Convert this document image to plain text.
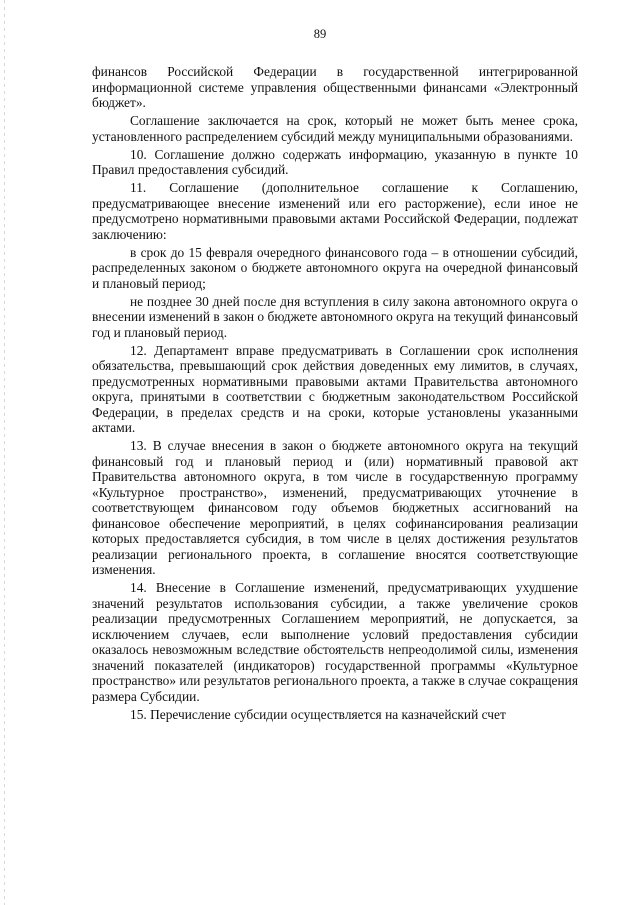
89

финансов Российской Федерации в государственной интегрированной информационной системе управления общественными финансами «Электронный бюджет».

Соглашение заключается на срок, который не может быть менее срока, установленного распределением субсидий между муниципальными образованиями.

10. Соглашение должно содержать информацию, указанную в пункте 10 Правил предоставления субсидий.

11. Соглашение (дополнительное соглашение к Соглашению, предусматривающее внесение изменений или его расторжение), если иное не предусмотрено нормативными правовыми актами Российской Федерации, подлежат заключению:

в срок до 15 февраля очередного финансового года – в отношении субсидий, распределенных законом о бюджете автономного округа на очередной финансовый и плановый период;

не позднее 30 дней после дня вступления в силу закона автономного округа о внесении изменений в закон о бюджете автономного округа на текущий финансовый год и плановый период.

12. Департамент вправе предусматривать в Соглашении срок исполнения обязательства, превышающий срок действия доведенных ему лимитов, в случаях, предусмотренных нормативными правовыми актами Правительства автономного округа, принятыми в соответствии с бюджетным законодательством Российской Федерации, в пределах средств и на сроки, которые установлены указанными актами.

13. В случае внесения в закон о бюджете автономного округа на текущий финансовый год и плановый период и (или) нормативный правовой акт Правительства автономного округа, в том числе в государственную программу «Культурное пространство», изменений, предусматривающих уточнение в соответствующем финансовом году объемов бюджетных ассигнований на финансовое обеспечение мероприятий, в целях софинансирования реализации которых предоставляется субсидия, в том числе в целях достижения результатов реализации регионального проекта, в соглашение вносятся соответствующие изменения.

14. Внесение в Соглашение изменений, предусматривающих ухудшение значений результатов использования субсидии, а также увеличение сроков реализации предусмотренных Соглашением мероприятий, не допускается, за исключением случаев, если выполнение условий предоставления субсидии оказалось невозможным вследствие обстоятельств непреодолимой силы, изменения значений показателей (индикаторов) государственной программы «Культурное пространство» или результатов регионального проекта, а также в случае сокращения размера Субсидии.

15. Перечисление субсидии осуществляется на казначейский счет
